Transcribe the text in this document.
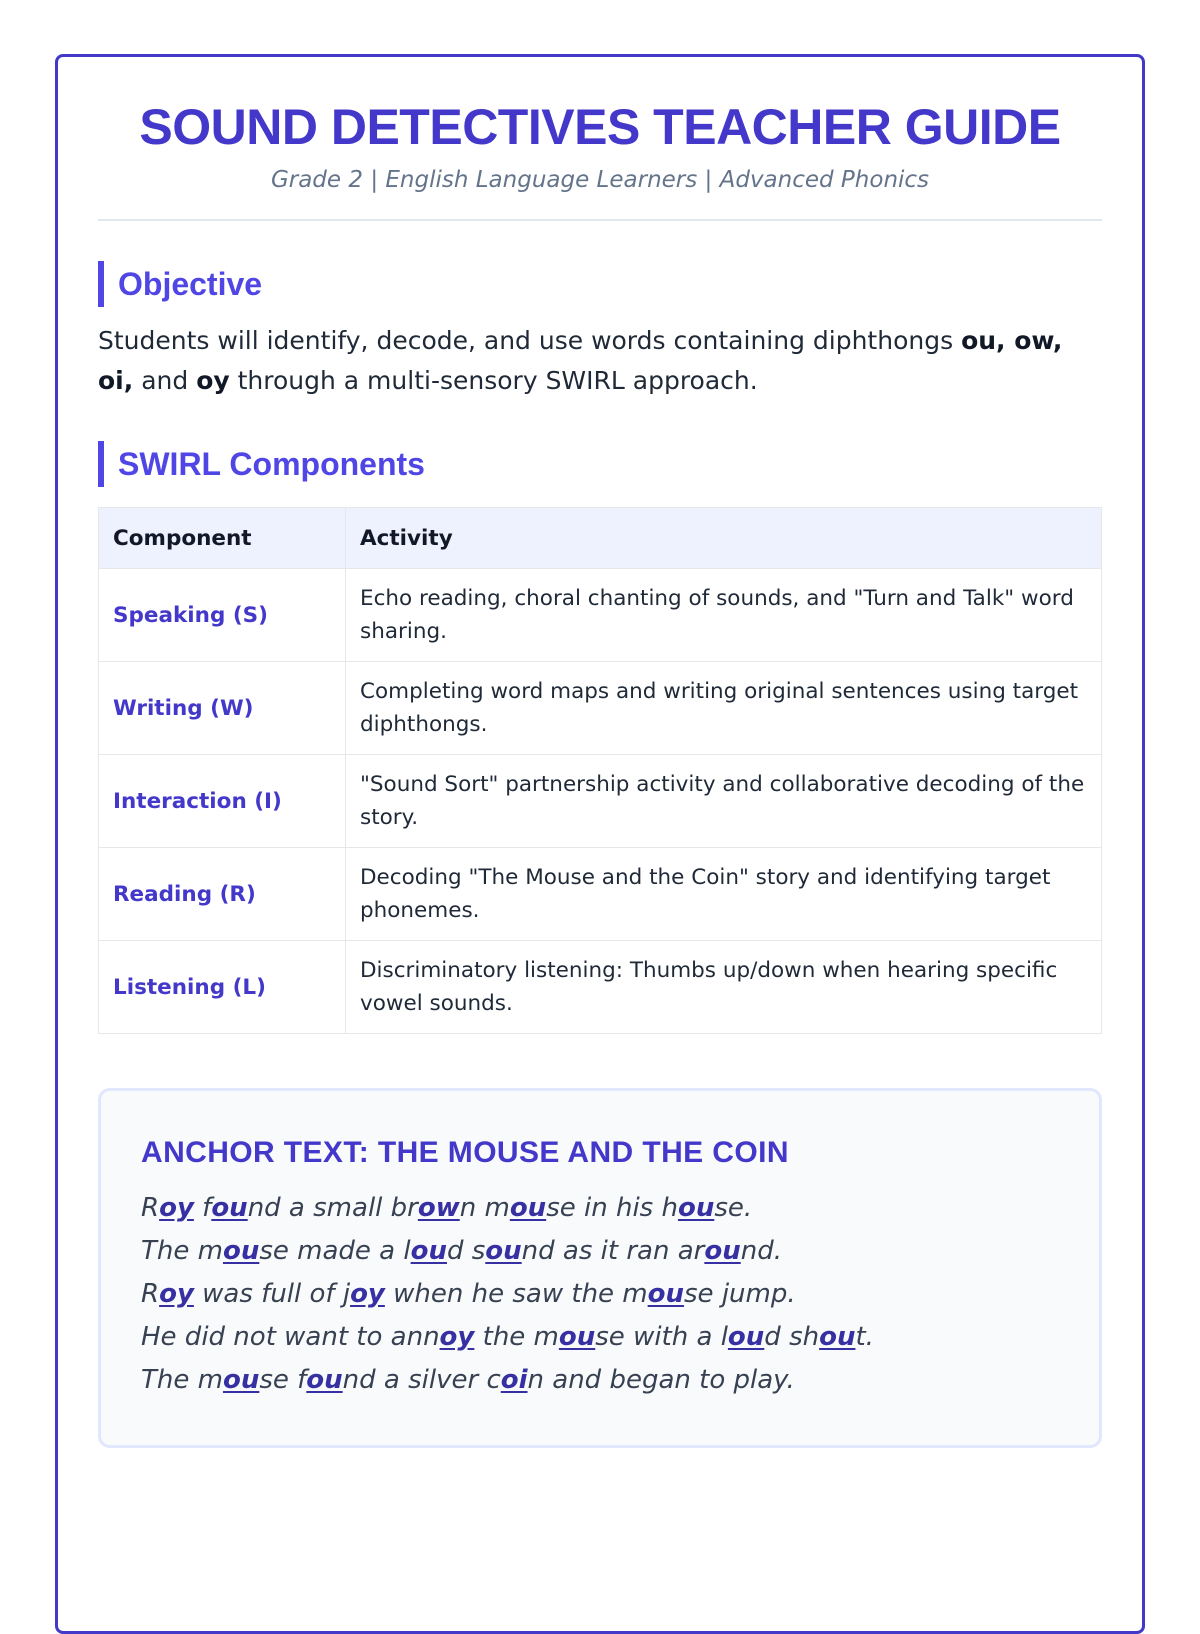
SOUND DETECTIVES TEACHER GUIDE
Grade 2 | English Language Learners | Advanced Phonics
Objective
Students will identify, decode, and use words containing diphthongs ou, ow, oi, and oy through a multi-sensory SWIRL approach.
SWIRL Components
Component	Activity
Speaking (S)	Echo reading, choral chanting of sounds, and "Turn and Talk" word sharing.
Writing (W)	Completing word maps and writing original sentences using target diphthongs.
Interaction (I)	"Sound Sort" partnership activity and collaborative decoding of the story.
Reading (R)	Decoding "The Mouse and the Coin" story and identifying target phonemes.
Listening (L)	Discriminatory listening: Thumbs up/down when hearing specific vowel sounds.
ANCHOR TEXT: THE MOUSE AND THE COIN
Roy found a small brown mouse in his house.
The mouse made a loud sound as it ran around.
Roy was full of joy when he saw the mouse jump.
He did not want to annoy the mouse with a loud shout.
The mouse found a silver coin and began to play.
